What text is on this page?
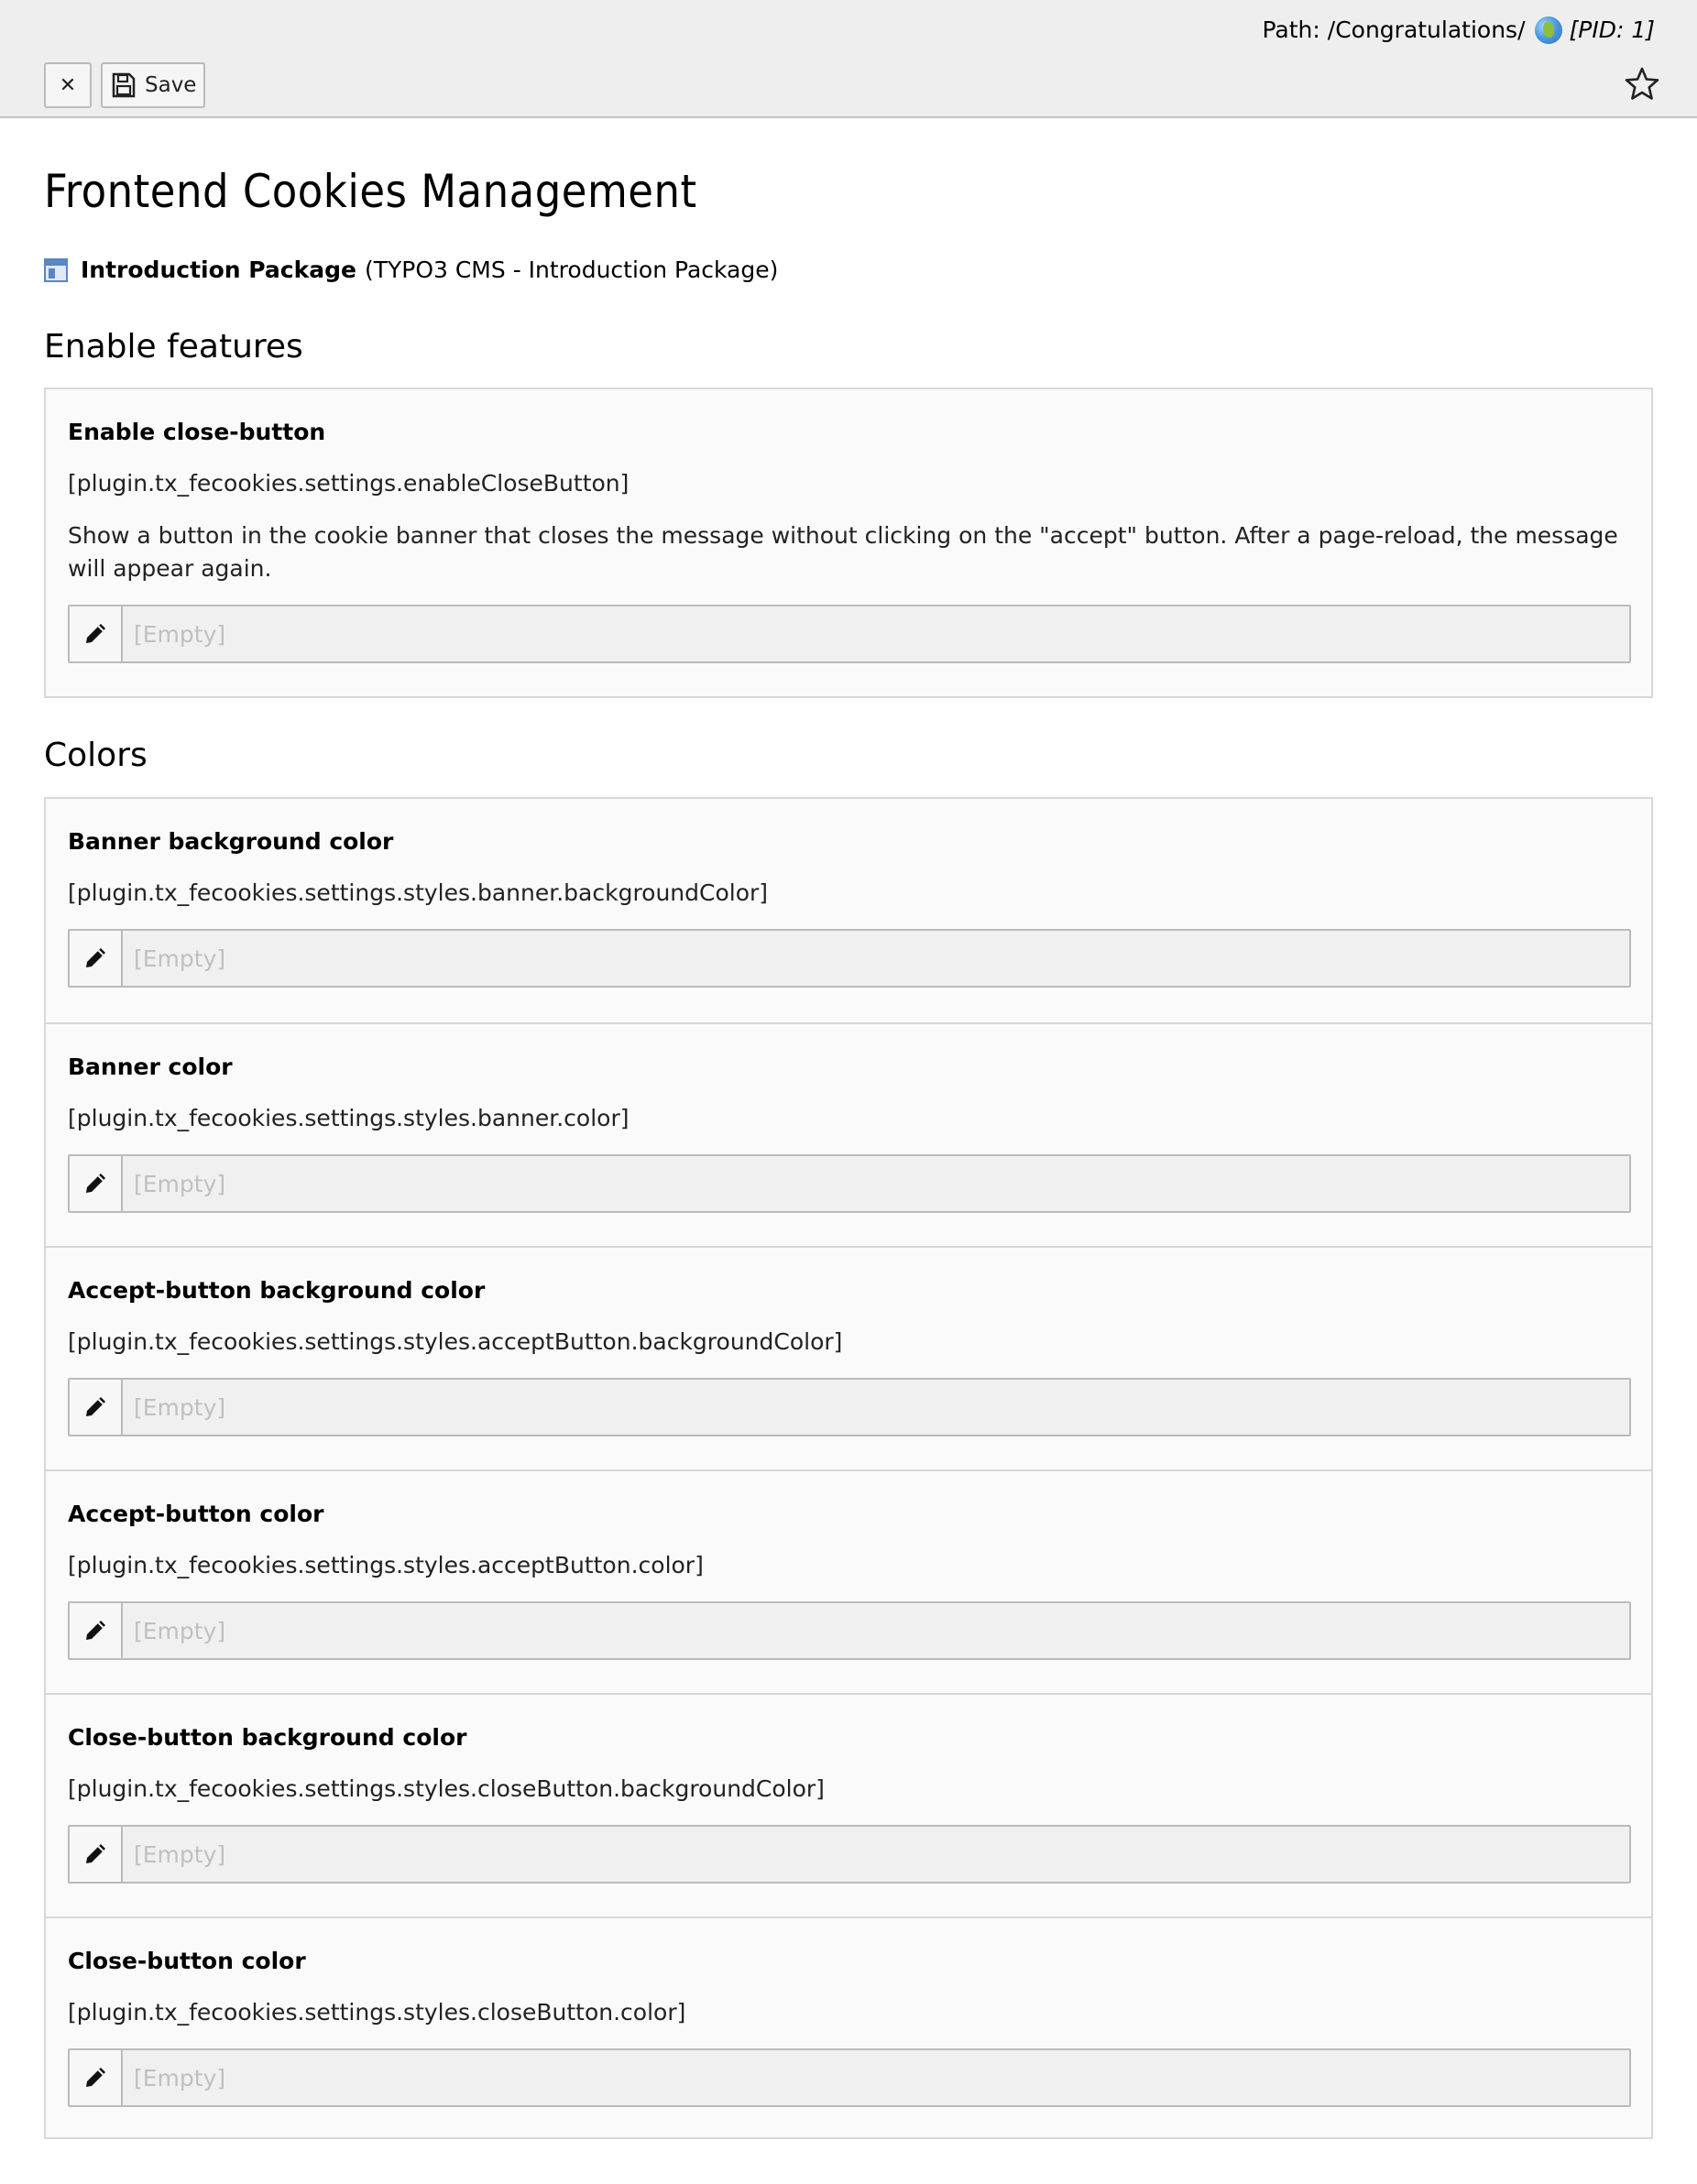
Path: /Congratulations/ [PID: 1]
✕	Save
Frontend Cookies Management
Introduction Package (TYPO3 CMS - Introduction Package)
Enable features
Enable close-button
[plugin.tx_fecookies.settings.enableCloseButton]
Show a button in the cookie banner that closes the message without clicking on the "accept" button. After a page-reload, the message will appear again.
[Empty]
Colors
Banner background color
[plugin.tx_fecookies.settings.styles.banner.backgroundColor]
[Empty]
Banner color
[plugin.tx_fecookies.settings.styles.banner.color]
[Empty]
Accept-button background color
[plugin.tx_fecookies.settings.styles.acceptButton.backgroundColor]
[Empty]
Accept-button color
[plugin.tx_fecookies.settings.styles.acceptButton.color]
[Empty]
Close-button background color
[plugin.tx_fecookies.settings.styles.closeButton.backgroundColor]
[Empty]
Close-button color
[plugin.tx_fecookies.settings.styles.closeButton.color]
[Empty]
